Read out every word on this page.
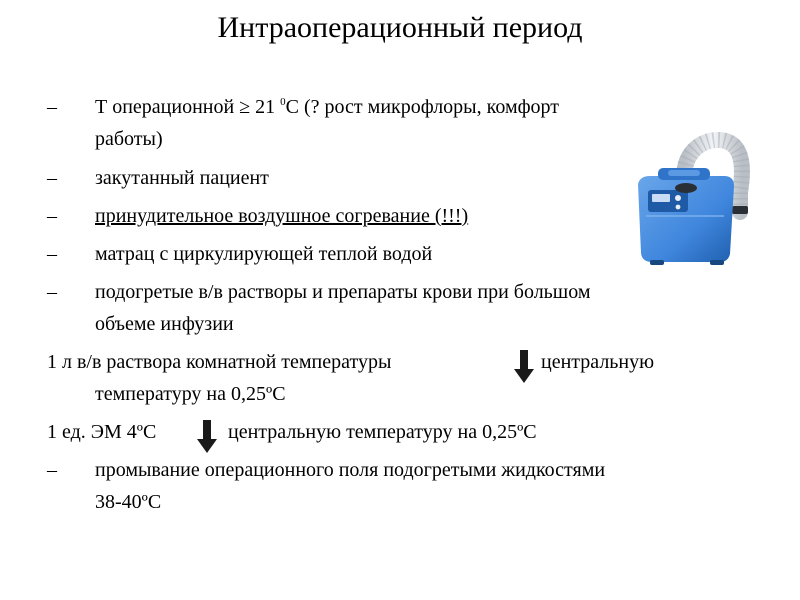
Интраоперационный период
– Т операционной ≥ 21 $^0$С (? рост микрофлоры, комфорт
работы)
– закутанный пациент
– принудительное воздушное согревание (!!!)
– матрац с циркулирующей теплой водой
– подогретые в/в растворы и препараты крови при большом
объеме инфузии
1 л в/в раствора комнатной температуры	центральную
температуру на 0,25ºС
1 ед. ЭМ 4ºС	центральную температуру на 0,25ºС
– промывание операционного поля подогретыми жидкостями
38-40ºС
